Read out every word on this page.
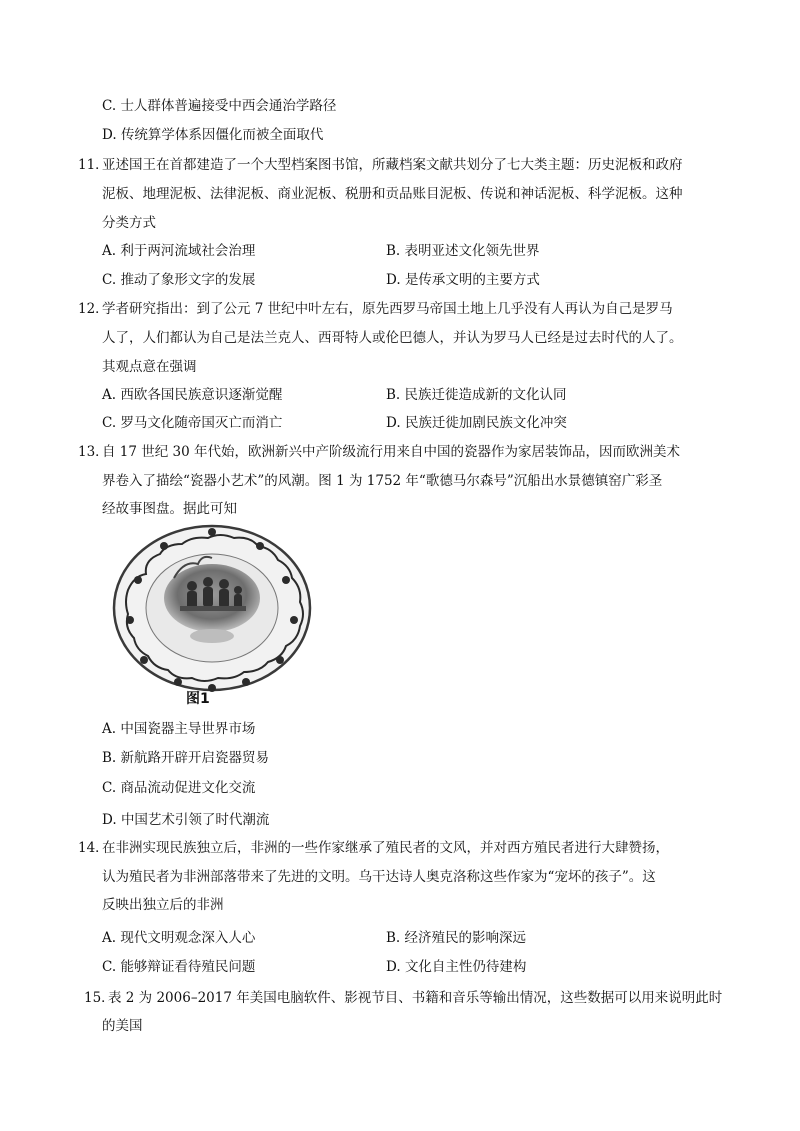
C. 士人群体普遍接受中西会通治学路径
D. 传统算学体系因僵化而被全面取代
11．亚述国王在首都建造了一个大型档案图书馆，所藏档案文献共划分了七大类主题：历史泥板和政府
泥板、地理泥板、法律泥板、商业泥板、税册和贡品账目泥板、传说和神话泥板、科学泥板。这种
分类方式
A. 利于两河流域社会治理	B. 表明亚述文化领先世界
C. 推动了象形文字的发展	D. 是传承文明的主要方式
12．学者研究指出：到了公元 7 世纪中叶左右，原先西罗马帝国土地上几乎没有人再认为自己是罗马
人了，人们都认为自己是法兰克人、西哥特人或伦巴德人，并认为罗马人已经是过去时代的人了。
其观点意在强调
A. 西欧各国民族意识逐渐觉醒	B. 民族迁徙造成新的文化认同
C. 罗马文化随帝国灭亡而消亡	D. 民族迁徙加剧民族文化冲突
13．自 17 世纪 30 年代始，欧洲新兴中产阶级流行用来自中国的瓷器作为家居装饰品，因而欧洲美术
界卷入了描绘“瓷器小艺术”的风潮。图 1 为 1752 年“歌德马尔森号”沉船出水景德镇窑广彩圣
经故事图盘。据此可知
图1
A. 中国瓷器主导世界市场
B. 新航路开辟开启瓷器贸易
C. 商品流动促进文化交流
D. 中国艺术引领了时代潮流
14．在非洲实现民族独立后，非洲的一些作家继承了殖民者的文风，并对西方殖民者进行大肆赞扬，
认为殖民者为非洲部落带来了先进的文明。乌干达诗人奥克洛称这些作家为“宠坏的孩子”。这
反映出独立后的非洲
A. 现代文明观念深入人心	B. 经济殖民的影响深远
C. 能够辩证看待殖民问题	D. 文化自主性仍待建构
15．表 2 为 2006–2017 年美国电脑软件、影视节目、书籍和音乐等输出情况，这些数据可以用来说明此时
的美国
